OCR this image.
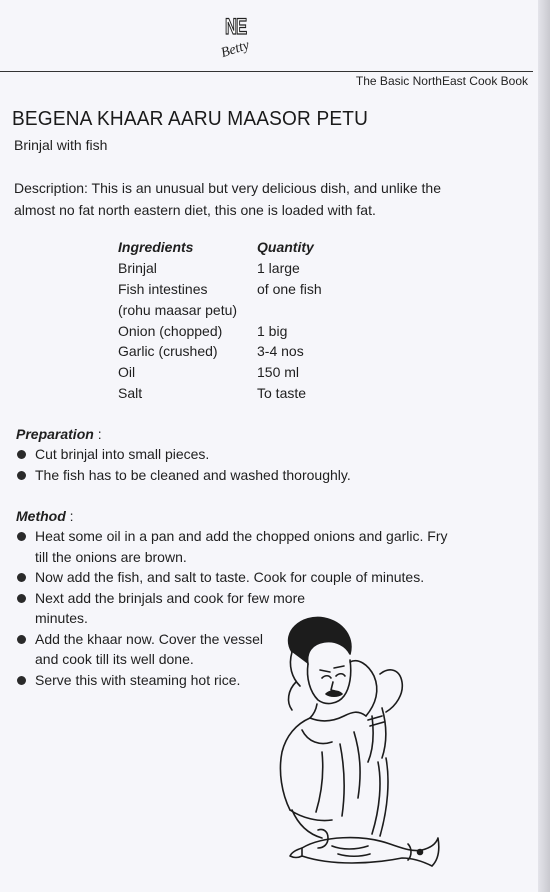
NE
Betty
The Basic NorthEast Cook Book
BEGENA KHAAR AARU MAASOR PETU
Brinjal with fish
Description: This is an unusual but very delicious dish, and unlike the almost no fat north eastern diet, this one is loaded with fat.
Ingredients	Quantity
Brinjal	1 large
Fish intestines	of one fish
(rohu maasar petu)
Onion (chopped) 1 big
Garlic (crushed)	3-4 nos
Oil	150 ml
Salt	To taste
Preparation :
Cut brinjal into small pieces.
The fish has to be cleaned and washed thoroughly.
Method :
Heat some oil in a pan and add the chopped onions and garlic. Fry
till the onions are brown.
Now add the fish, and salt to taste. Cook for couple of minutes.
Next add the brinjals and cook for few more
minutes.
Add the khaar now. Cover the vessel
and cook till its well done.
Serve this with steaming hot rice.
